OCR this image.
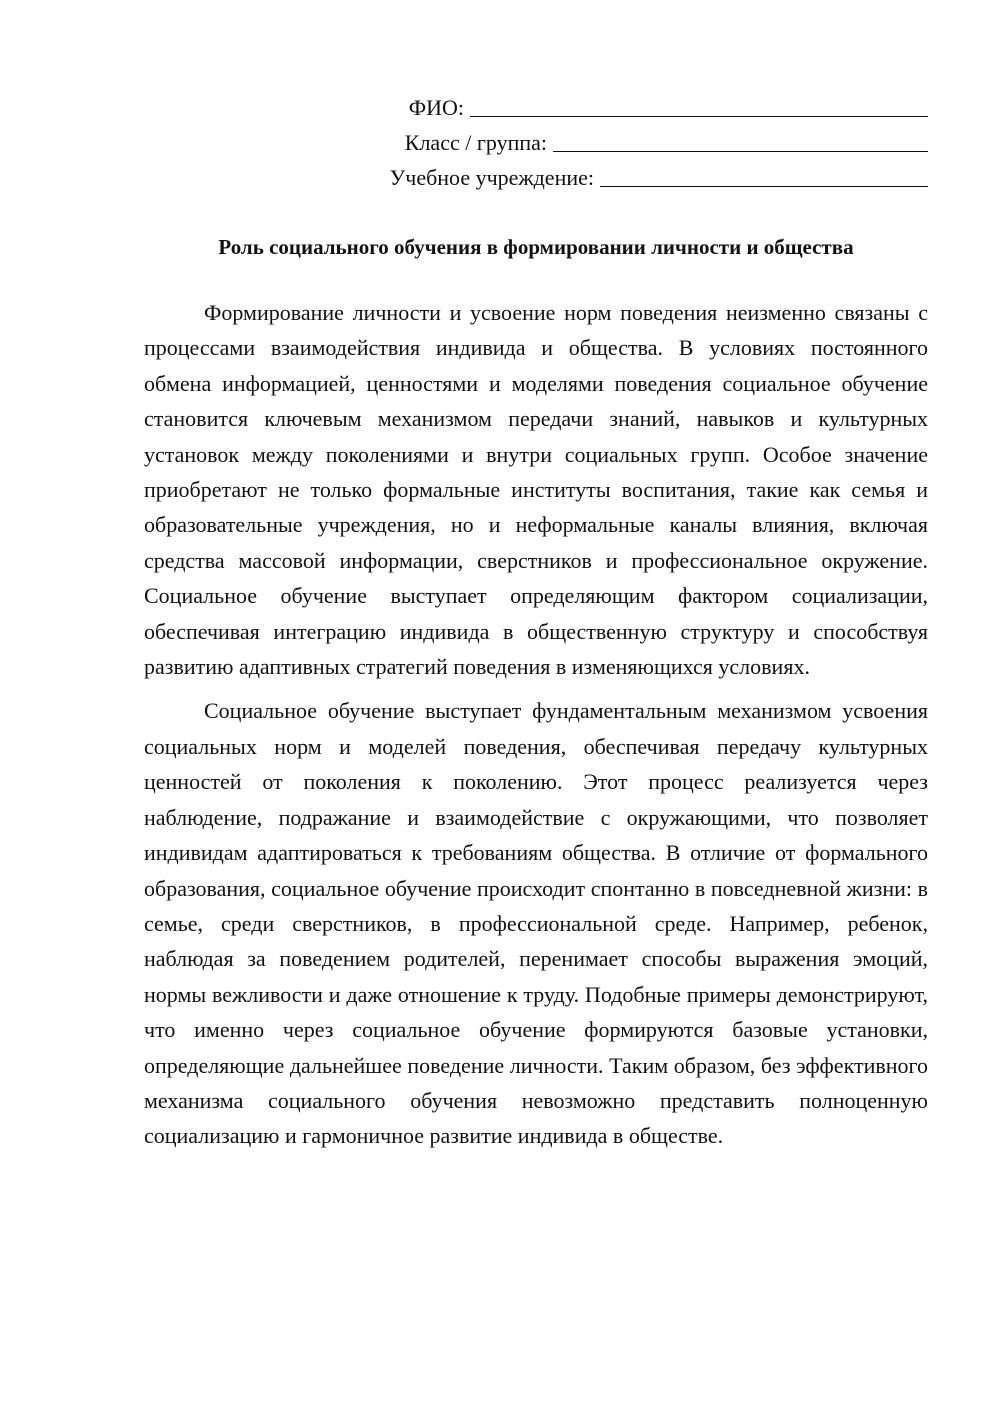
ФИО:
Класс / группа:
Учебное учреждение:
Роль социального обучения в формировании личности и общества

Формирование личности и усвоение норм поведения неизменно связаны с процессами взаимодействия индивида и общества. В условиях постоянного обмена информацией, ценностями и моделями поведения социальное обучение становится ключевым механизмом передачи знаний, навыков и культурных установок между поколениями и внутри социальных групп. Особое значение приобретают не только формальные институты воспитания, такие как семья и образовательные учреждения, но и неформальные каналы влияния, включая средства массовой информации, сверстников и профессиональное окружение. Социальное обучение выступает определяющим фактором социализации, обеспечивая интеграцию индивида в общественную структуру и способствуя развитию адаптивных стратегий поведения в изменяющихся условиях.

Социальное обучение выступает фундаментальным механизмом усвоения социальных норм и моделей поведения, обеспечивая передачу культурных ценностей от поколения к поколению. Этот процесс реализуется через наблюдение, подражание и взаимодействие с окружающими, что позволяет индивидам адаптироваться к требованиям общества. В отличие от формального образования, социальное обучение происходит спонтанно в повседневной жизни: в семье, среди сверстников, в профессиональной среде. Например, ребенок, наблюдая за поведением родителей, перенимает способы выражения эмоций, нормы вежливости и даже отношение к труду. Подобные примеры демонстрируют, что именно через социальное обучение формируются базовые установки, определяющие дальнейшее поведение личности. Таким образом, без эффективного механизма социального обучения невозможно представить полноценную социализацию и гармоничное развитие индивида в обществе.
